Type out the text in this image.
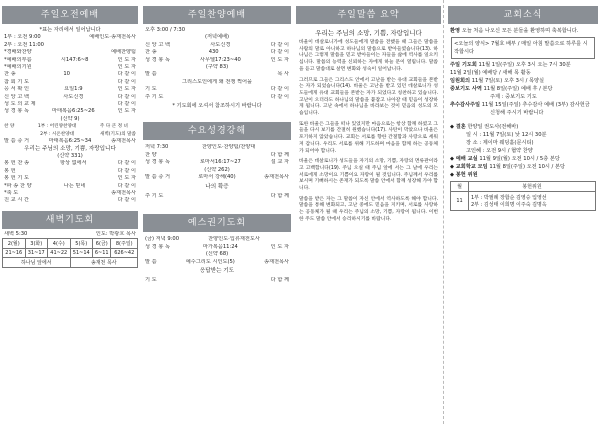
주일오전예배
*표는 자리에서 일어납니다
1부 : 오전 9:00	예배인도·송재천목사
2부 : 오전 11:00
*경배와찬양	예배찬양팀
*예배의부름	시147:6~8	인 도 자
*예배의기원	인 도 자
찬 송	10	다 같 이
참 회 기 도	다 같 이
응 서 확 인	요일1:9	인 도 자
신 앙 고 백	사도신경	다 같 이
성 도 의 교 제	다 같 이
성 경 봉 독	마태복음6:25~26	인 도 자
(신약 9)
찬 양	1부 : 어린양찬양대
2부 : 시온찬양대
주 다 큰 정 녀
새벽(기도)의 말씀
말 씀 증 거	마태복음6:25~34	송재천목사
우리는 주님의 소망, 기쁨, 자랑입니다
(신약 331)
봉 헌 찬 송	항상 없에서	다 같 이
봉 헌	다 같 이
봉 헌 기 도	인 도 자
*파 송 찬 양	나는 믿네	다 같 이
*축 도	송재천목사
친 교 시 간	다 같 이
새벽기도회
새벽 5:30	인도: 박광흐 목사
2(월)	3(화)	4(수)	5(목)	6(금)	8(주일)
21~16	31~17	41~22	51~14	6~11	626~42
하나님 앞에서			송재천 목사		
주일찬양예배
오후 3:00 / 7:30
(저녁예배)
신 앙 고 백	사도신경	다 같 이
찬 송	430	다 같 이
성 경 봉 독	사무엘17:23~40	인 도 자
(구약 83)
말 씀	목 사
그리스도인에게 왜 전쟁 찍어을
기 도	다 같 이
주 기 도	다 같 이
* 기도회에 오셔서 참조하시기 바랍니다
수요성경강해
저녁 7:30	찬양인도·찬양팀/찬양대
찬 양	다 함 께
성 경 봉 독	로마서16:17~27	설 교 자
(신약 262)
말 씀 증 거	로마서 강해(40)	송재천목사
나의 확증
주 기 도	다 함 께
예스권기도회
(금) 저녁 9:00	찬양인도·입류재전도사
성 경 봉 독	마가복음11:24	인 도 자
(신약 68)
말 씀	예수그리도 시인도(5)	송재천목사
응답받는 기도
기 도	다 함 께
주일말씀 요약
우리는 주님의 소망, 기쁨, 자랑입니다
바울이 데살로니가에 성도들에게 말씀을 전했을 때 그들은 말씀을 사람의 말로 아니하고 하나님의 말씀으로 받아들였습니다(13). 하나님은 그렇게 말씀을 믿고 받아들이는 자들을 삶에 역사를 일으키십니다. 말씀의 능력을 신뢰하는 자에게 하늘 문이 열립니다. 말씀을 듣고 말씀대로 살면 변화와 성숙이 일어납니다.
그러므로 그들은 그리스도 안에서 고난을 받는 유대 교회들을 본받는 자가 되었습니다(14). 바울은 고난을 받고 있던 데살로니가 성도들에게 유대 교회들을 본받는 자가 되었다고 칭찬하고 있습니다. 고난이 오더라도 하나님의 말씀을 붙잡고 나아갈 때 믿음이 성장하게 됩니다. 고난 속에서 하나님을 바라보는 것이 믿음의 성도의 모습입니다.
또한 바울은 그들을 떠나 있었지만 마음으로는 항상 함께 하였고 그들을 다시 보기를 간절히 원했습니다(17). 사탄이 막았으나 바울은 포기하지 않았습니다. 교회는 서로를 향한 간절함과 사랑으로 세워져 갑니다. 우리도 서로를 위해 기도하며 마음을 함께 하는 공동체가 되어야 합니다.
바울은 데살로니가 성도들을 자기의 소망, 기쁨, 자랑의 면류관이라고 고백합니다(19). 주님 오실 때 주님 앞에 서는 그 날에 우리는 서로에게 소망이요 기쁨이요 자랑이 될 것입니다. 주님께서 우리를 보시며 기뻐하시는 존재가 되도록 말씀 안에서 함께 성장해 가야 합니다.
말씀을 받은 자는 그 말씀이 자신 안에서 역사하도록 해야 합니다. 말씀을 통해 변화되고, 고난 중에도 믿음을 지키며, 서로를 사랑하는 공동체가 될 때 우리는 주님의 소망, 기쁨, 자랑이 됩니다. 이번 한 주도 말씀 안에서 승리하시기를 바랍니다.
교회소식
환영 오늘 처음 나오신 모든 분들을 환영하며 축복합니다.
<오늘의 양식> 7월호 배부 / 매일 아침 말씀으로 하루를 시작합시다
주일 기도회 11월 1일(주일) 오후 3시 오는 7시 30분
11월 2일(월) 예배당 / 새해 목 활동
임원회의 11월 7일(토) 오후 3시 / 목양실
중보기도 사역 11월 8일(주일) 예배 후 / 본당
주제 : 중보기도 기도
추수감사주일 11월 15일(주일) 추수감사 예배 (3부) 감사헌금
신청해 주시기 바랍니다
◆ 결혼 한양일 권도사(전해바)
일 시 : 11월 7일(토) 낮 12시 30분
장 소 : 제이마 웨딩홀(문시티)
고인혜 : 오전 9시 / 협약 찬양
◆ 예배 교실 11월 9일(월) 오전 10시 / 5층 본당
◆ 교회학교 모임 11월 8일(주일) 오전 10시 / 본당
◆ 봉헌 위원
월	봉헌위원
11	1부 : 박필례 장합순 김영승 입영선
2부 : 김성태 이희명 이주숙 김명옥
